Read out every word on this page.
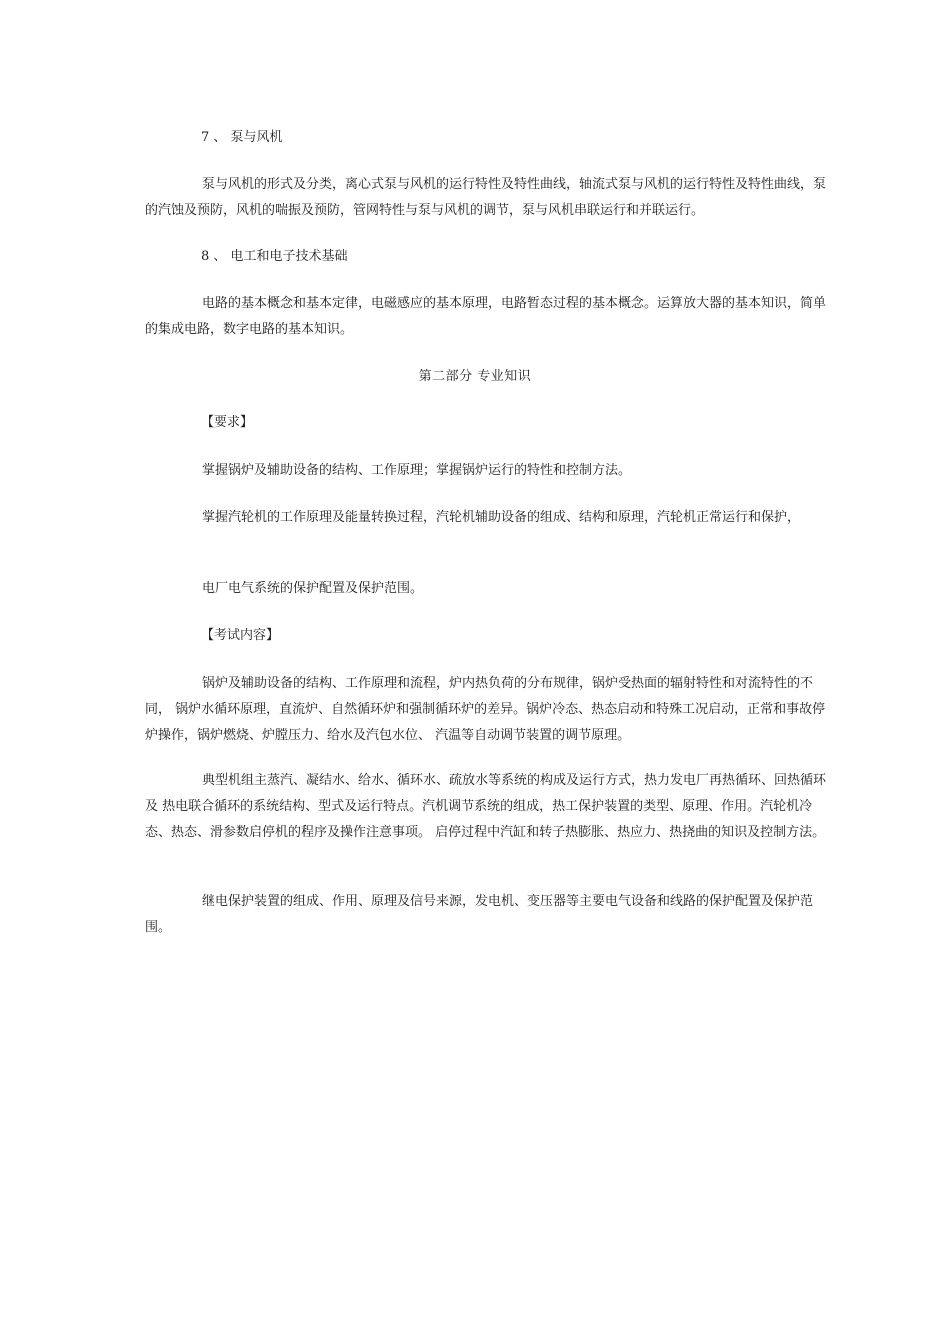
7 、 泵与风机

泵与风机的形式及分类，离心式泵与风机的运行特性及特性曲线，轴流式泵与风机的运行特性及特性曲线，泵的汽蚀及预防，风机的喘振及预防，管网特性与泵与风机的调节，泵与风机串联运行和并联运行。

8 、 电工和电子技术基础

电路的基本概念和基本定律，电磁感应的基本原理，电路暂态过程的基本概念。运算放大器的基本知识，简单的集成电路，数字电路的基本知识。

第二部分 专业知识

【要求】

掌握锅炉及辅助设备的结构、工作原理；掌握锅炉运行的特性和控制方法。

掌握汽轮机的工作原理及能量转换过程，汽轮机辅助设备的组成、结构和原理，汽轮机正常运行和保护，

电厂电气系统的保护配置及保护范围。

【考试内容】

锅炉及辅助设备的结构、工作原理和流程，炉内热负荷的分布规律，锅炉受热面的辐射特性和对流特性的不同， 锅炉水循环原理，直流炉、自然循环炉和强制循环炉的差异。锅炉冷态、热态启动和特殊工况启动，正常和事故停炉操作，锅炉燃烧、炉膛压力、给水及汽包水位、 汽温等自动调节装置的调节原理。

典型机组主蒸汽、凝结水、给水、循环水、疏放水等系统的构成及运行方式，热力发电厂再热循环、回热循环及 热电联合循环的系统结构、型式及运行特点。汽机调节系统的组成，热工保护装置的类型、原理、作用。汽轮机冷态、热态、滑参数启停机的程序及操作注意事项。 启停过程中汽缸和转子热膨胀、热应力、热挠曲的知识及控制方法。

继电保护装置的组成、作用、原理及信号来源，发电机、变压器等主要电气设备和线路的保护配置及保护范围。
